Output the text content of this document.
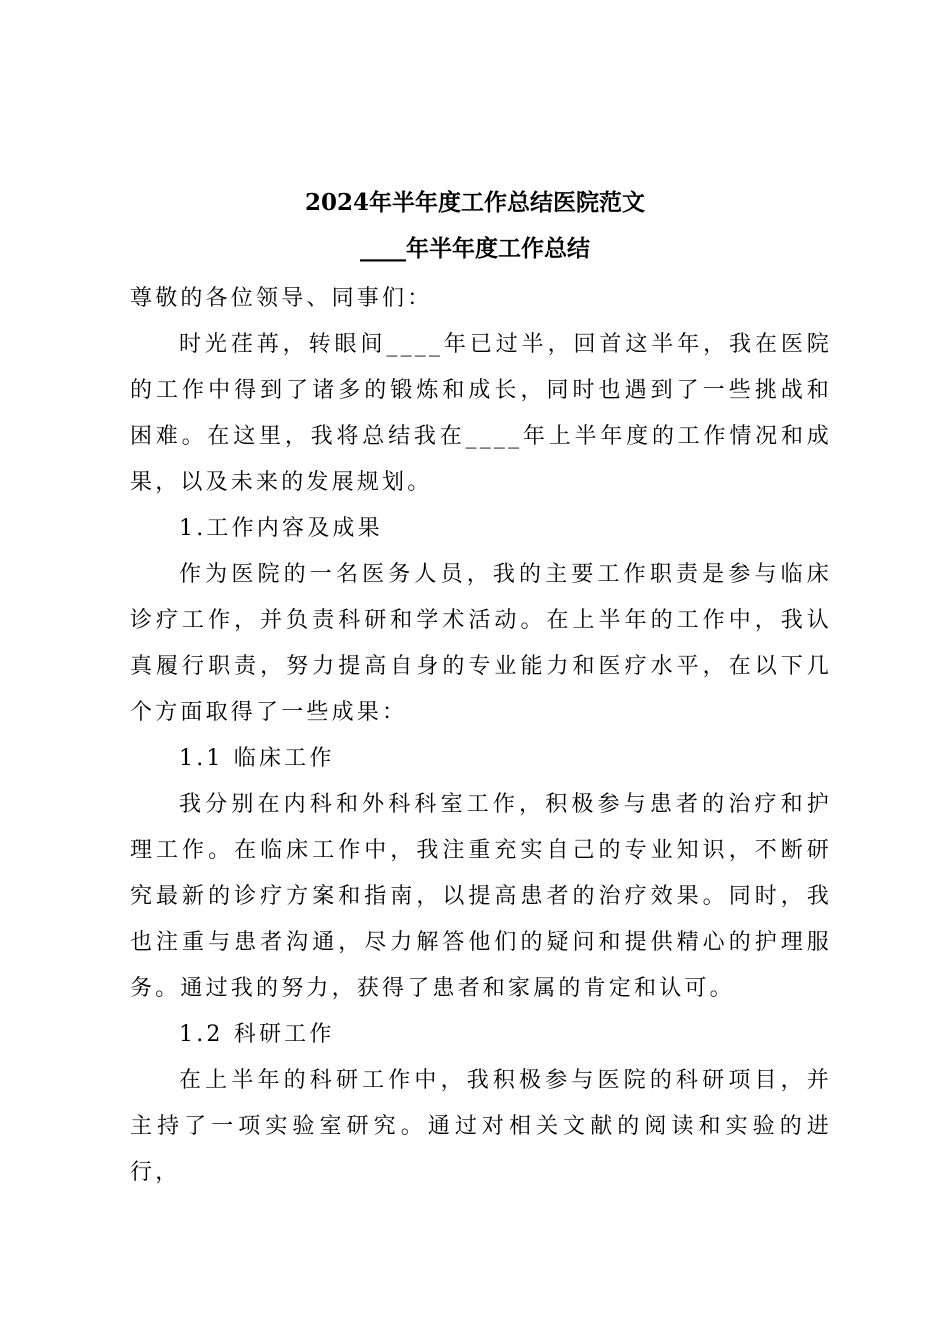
2024年半年度工作总结医院范文
____年半年度工作总结

尊敬的各位领导、同事们：

时光荏苒，转眼间____年已过半，回首这半年，我在医院的工作中得到了诸多的锻炼和成长，同时也遇到了一些挑战和困难。在这里，我将总结我在____年上半年度的工作情况和成果，以及未来的发展规划。

1.工作内容及成果

作为医院的一名医务人员，我的主要工作职责是参与临床诊疗工作，并负责科研和学术活动。在上半年的工作中，我认真履行职责，努力提高自身的专业能力和医疗水平，在以下几个方面取得了一些成果：

1.1 临床工作

我分别在内科和外科科室工作，积极参与患者的治疗和护理工作。在临床工作中，我注重充实自己的专业知识，不断研究最新的诊疗方案和指南，以提高患者的治疗效果。同时，我也注重与患者沟通，尽力解答他们的疑问和提供精心的护理服务。通过我的努力，获得了患者和家属的肯定和认可。

1.2 科研工作

在上半年的科研工作中，我积极参与医院的科研项目，并主持了一项实验室研究。通过对相关文献的阅读和实验的进行，
